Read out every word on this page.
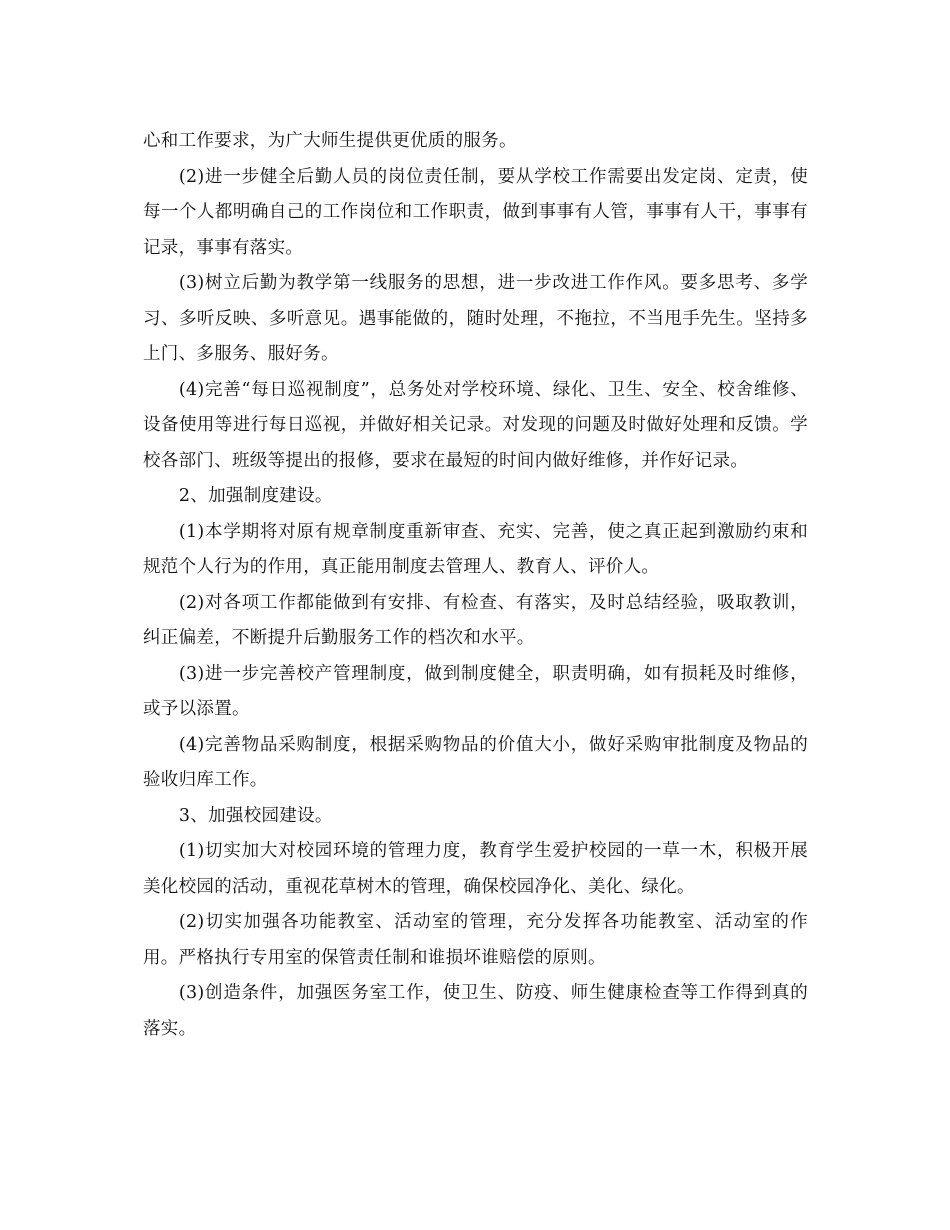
心和工作要求，为广大师生提供更优质的服务。

(2)进一步健全后勤人员的岗位责任制，要从学校工作需要出发定岗、定责，使每一个人都明确自己的工作岗位和工作职责，做到事事有人管，事事有人干，事事有记录，事事有落实。

(3)树立后勤为教学第一线服务的思想，进一步改进工作作风。要多思考、多学习、多听反映、多听意见。遇事能做的，随时处理，不拖拉，不当甩手先生。坚持多上门、多服务、服好务。

(4)完善“每日巡视制度”，总务处对学校环境、绿化、卫生、安全、校舍维修、设备使用等进行每日巡视，并做好相关记录。对发现的问题及时做好处理和反馈。学校各部门、班级等提出的报修，要求在最短的时间内做好维修，并作好记录。

2、加强制度建设。

(1)本学期将对原有规章制度重新审查、充实、完善，使之真正起到激励约束和规范个人行为的作用，真正能用制度去管理人、教育人、评价人。

(2)对各项工作都能做到有安排、有检查、有落实，及时总结经验，吸取教训，纠正偏差，不断提升后勤服务工作的档次和水平。

(3)进一步完善校产管理制度，做到制度健全，职责明确，如有损耗及时维修，或予以添置。

(4)完善物品采购制度，根据采购物品的价值大小，做好采购审批制度及物品的验收归库工作。

3、加强校园建设。

(1)切实加大对校园环境的管理力度，教育学生爱护校园的一草一木，积极开展美化校园的活动，重视花草树木的管理，确保校园净化、美化、绿化。

(2)切实加强各功能教室、活动室的管理，充分发挥各功能教室、活动室的作用。严格执行专用室的保管责任制和谁损坏谁赔偿的原则。

(3)创造条件，加强医务室工作，使卫生、防疫、师生健康检查等工作得到真的落实。
